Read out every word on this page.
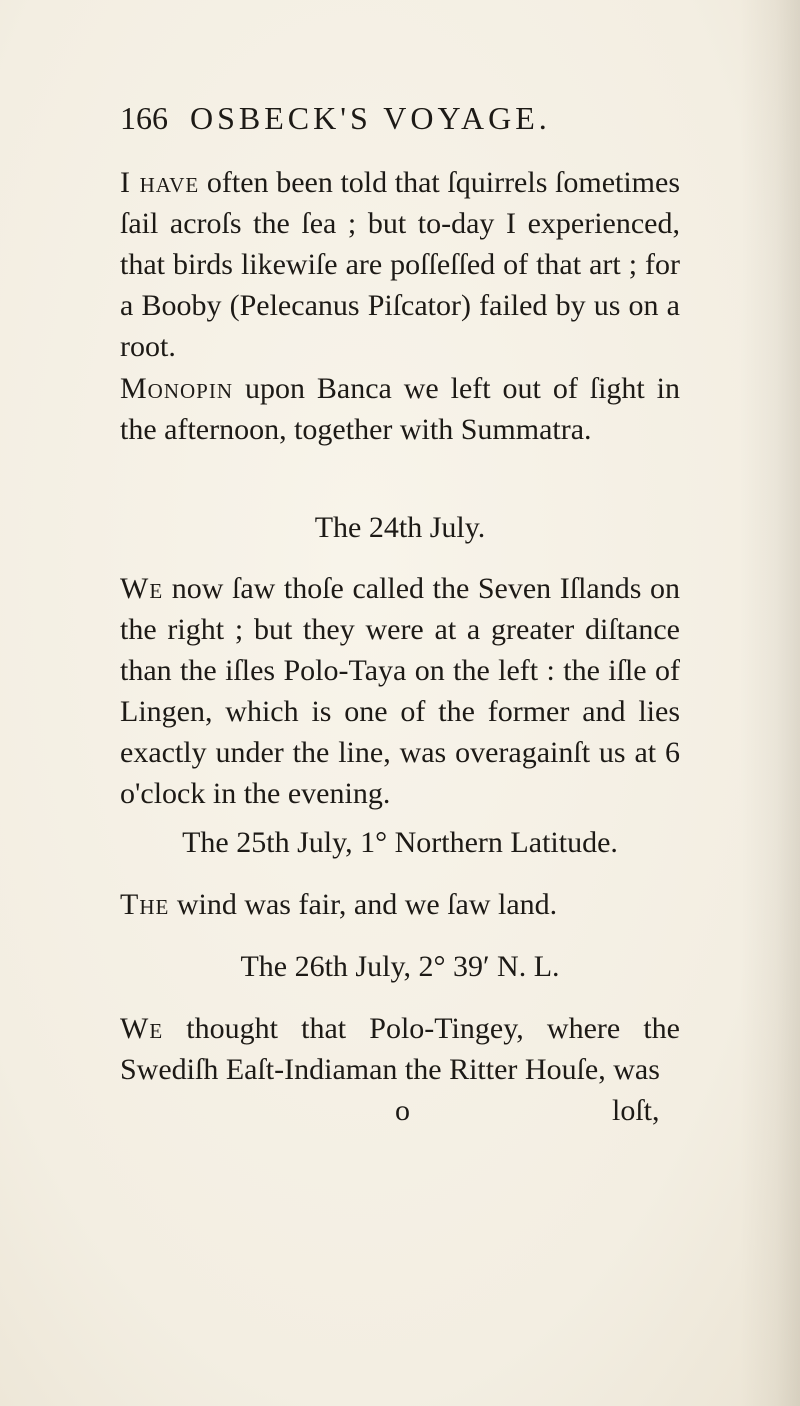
166 OSBECK'S VOYAGE.

I have often been told that ſquirrels ſometimes ſail acroſs the ſea ; but to-day I experienced, that birds likewiſe are poſſeſſed of that art ; for a Booby (Pelecanus Piſcator) failed by us on a root.

Monopin upon Banca we left out of ſight in the afternoon, together with Summatra.

The 24th July.

We now ſaw thoſe called the Seven Iſlands on the right ; but they were at a greater diſtance than the iſles Polo-Taya on the left : the iſle of Lingen, which is one of the former and lies exactly under the line, was overagainſt us at 6 o'clock in the evening.

The 25th July, 1° Northern Latitude.

The wind was fair, and we ſaw land.

The 26th July, 2° 39′ N. L.

We thought that Polo-Tingey, where the Swediſh Eaſt-Indiaman the Ritter Houſe, was

o	loſt,
